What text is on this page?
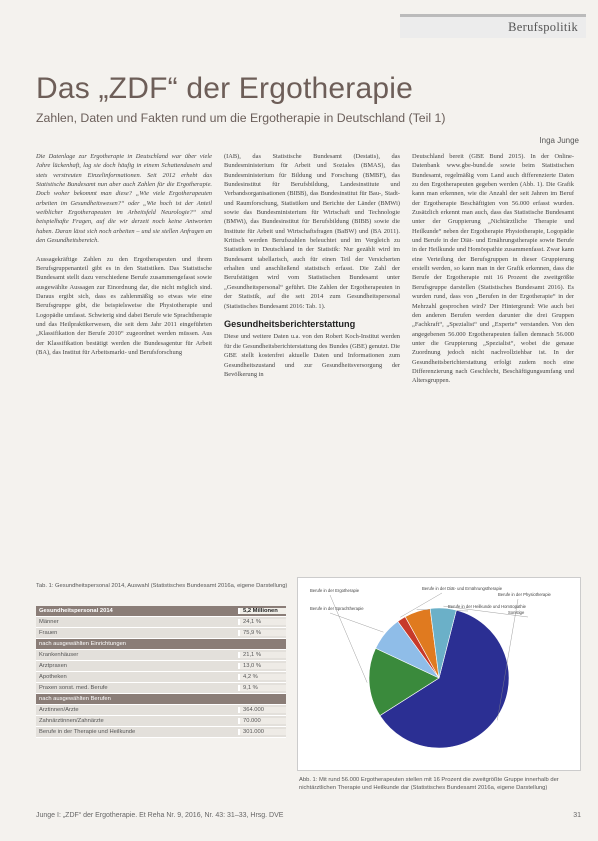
Berufspolitik
Das „ZDF“ der Ergotherapie
Zahlen, Daten und Fakten rund um die Ergotherapie in Deutschland (Teil 1)
Inga Junge

Die Datenlage zur Ergotherapie in Deutschland war über viele Jahre lückenhaft, lag sie doch häufig in einem Schattendasein und stets verstreuten Einzelinformationen. Seit 2012 erhebt das Statistische Bundesamt nun aber auch Zahlen für die Ergotherapie. Doch woher bekommt man diese? „Wie viele Ergotherapeuten arbeiten im Gesundheitswesen?“ oder „Wie hoch ist der Anteil weiblicher Ergotherapeuten im Arbeitsfeld Neurologie?“ sind beispielhafte Fragen, auf die wir derzeit noch keine Antworten haben. Daran lässt sich noch arbeiten – und sie stellen Anfragen an den Gesundheitsbereich.

Aussagekräftige Zahlen zu den Ergotherapeuten und ihrem Berufsgruppenanteil gibt es in den Statistiken. Das Statistische Bundesamt stellt dazu verschiedene Berufe zusammengefasst sowie ausgewählte Aussagen zur Einordnung dar, die nicht möglich sind. Daraus ergibt sich, dass es zahlenmäßig so etwas wie eine Berufsgruppe gibt, die beispielsweise die Physiotherapie und Logopädie umfasst. Schwierig sind dabei Berufe wie Sprachtherapie und das Heilpraktikerwesen, die seit dem Jahr 2011 eingeführten „Klassifikation der Berufe 2010“ zugeordnet werden müssen. Aus der Klassifikation bestätigt werden die Bundesagentur für Arbeit (BA), das Institut für Arbeitsmarkt- und Berufsforschung

(IAB), das Statistische Bundesamt (Destatis), das Bundesministerium für Arbeit und Soziales (BMAS), das Bundesministerium für Bildung und Forschung (BMBF), das Bundesinstitut für Berufsbildung, Landesinstitute und Verbandsorganisationen (BIBB), das Bundesinstitut für Bau-, Stadt- und Raumforschung, Statistiken und Berichte der Länder (BMWi) sowie das Bundesministerium für Wirtschaft und Technologie (BMWi), das Bundesinstitut für Berufsbildung (BIBB) sowie die Institute für Arbeit und Wirtschaftsfragen (BaBW) und (BA 2011). Kritisch werden Berufszahlen beleuchtet und im Vergleich zu Statistiken in Deutschland in der Statistik: Nur gezählt wird im Bundesamt tabellarisch, auch für einen Teil der Versicherten erhalten und anschließend statistisch erfasst. Die Zahl der Berufstätigen wird vom Statistischen Bundesamt unter „Gesundheitspersonal“ geführt. Die Zahlen der Ergotherapeuten in der Statistik, auf die seit 2014 zum Gesundheitspersonal (Statistisches Bundesamt 2016: Tab. 1).

Gesundheitsberichterstattung

Diese und weitere Daten u.a. von den Robert Koch-Institut werden für die Gesundheitsberichterstattung des Bundes (GBE) genutzt. Die GBE stellt kostenfrei aktuelle Daten und Informationen zum Gesundheitszustand und zur Gesundheitsversorgung der Bevölkerung in

Deutschland bereit (GBE Bund 2015). In der Online-Datenbank www.gbe-bund.de sowie beim Statistischen Bundesamt, regelmäßig vom Land auch differenzierte Daten zu den Ergotherapeuten gegeben werden (Abb. 1). Die Grafik kann man erkennen, wie die Anzahl der seit Jahren im Beruf der Ergotherapie Beschäftigten von 56.000 erfasst wurden. Zusätzlich erkennt man auch, dass das Statistische Bundesamt unter der Gruppierung „Nichtärztliche Therapie und Heilkunde“ neben der Ergotherapie Physiotherapie, Logopädie und Berufe in der Diät- und Ernährungstherapie sowie Berufe in der Heilkunde und Homöopathie zusammenfasst. Zwar kann eine Verteilung der Berufsgruppen in dieser Gruppierung erstellt werden, so kann man in der Grafik erkennen, dass die Berufe der Ergotherapie mit 16 Prozent die zweitgrößte Berufsgruppe darstellen (Statistisches Bundesamt 2016). Es wurden rund, dass von „Berufen in der Ergotherapie“ in der Mehrzahl gesprochen wird? Der Hintergrund: Wie auch bei den anderen Berufen werden darunter die drei Gruppen „Fachkraft“, „Spezialist“ und „Experte“ verstanden. Von den angegebenen 56.000 Ergotherapeuten fallen demnach 56.000 unter die Gruppierung „Spezialist“, wobei die genaue Zuordnung jedoch nicht nachvollziehbar ist. In der Gesundheitsberichterstattung erfolgt zudem noch eine Differenzierung nach Geschlecht, Beschäftigungsumfang und Altersgruppen.

Tab. 1: Gesundheitspersonal 2014, Auswahl (Statistisches Bundesamt 2016a, eigene Darstellung)
Gesundheitspersonal 2014	5,2 Millionen
Männer	24,1 %
Frauen	75,9 %
nach ausgewählten Einrichtungen
Krankenhäuser	21,1 %
Arztpraxen	13,0 %
Apotheken	4,2 %
Praxen sonst. med. Berufe	9,1 %
nach ausgewählten Berufen
Ärztinnen/Ärzte	364.000
Zahnärztinnen/Zahnärzte	70.000
Berufe in der Therapie und Heilkunde	301.000
Berufe in der Physiotherapie
Berufe in der Ergotherapie
Berufe in der Sprachtherapie
Berufe in der Diät- und Ernährungstherapie
Berufe in der Heilkunde und Homöopathie
Sonstige
Abb. 1: Mit rund 56.000 Ergotherapeuten stellen mit 16 Prozent die zweitgrößte Gruppe innerhalb der nichtärztlichen Therapie und Heilkunde dar (Statistisches Bundesamt 2016a, eigene Darstellung)
Junge I: „ZDF“ der Ergotherapie. Et Reha Nr. 9, 2016, Nr. 43: 31–33, Hrsg. DVE	31
